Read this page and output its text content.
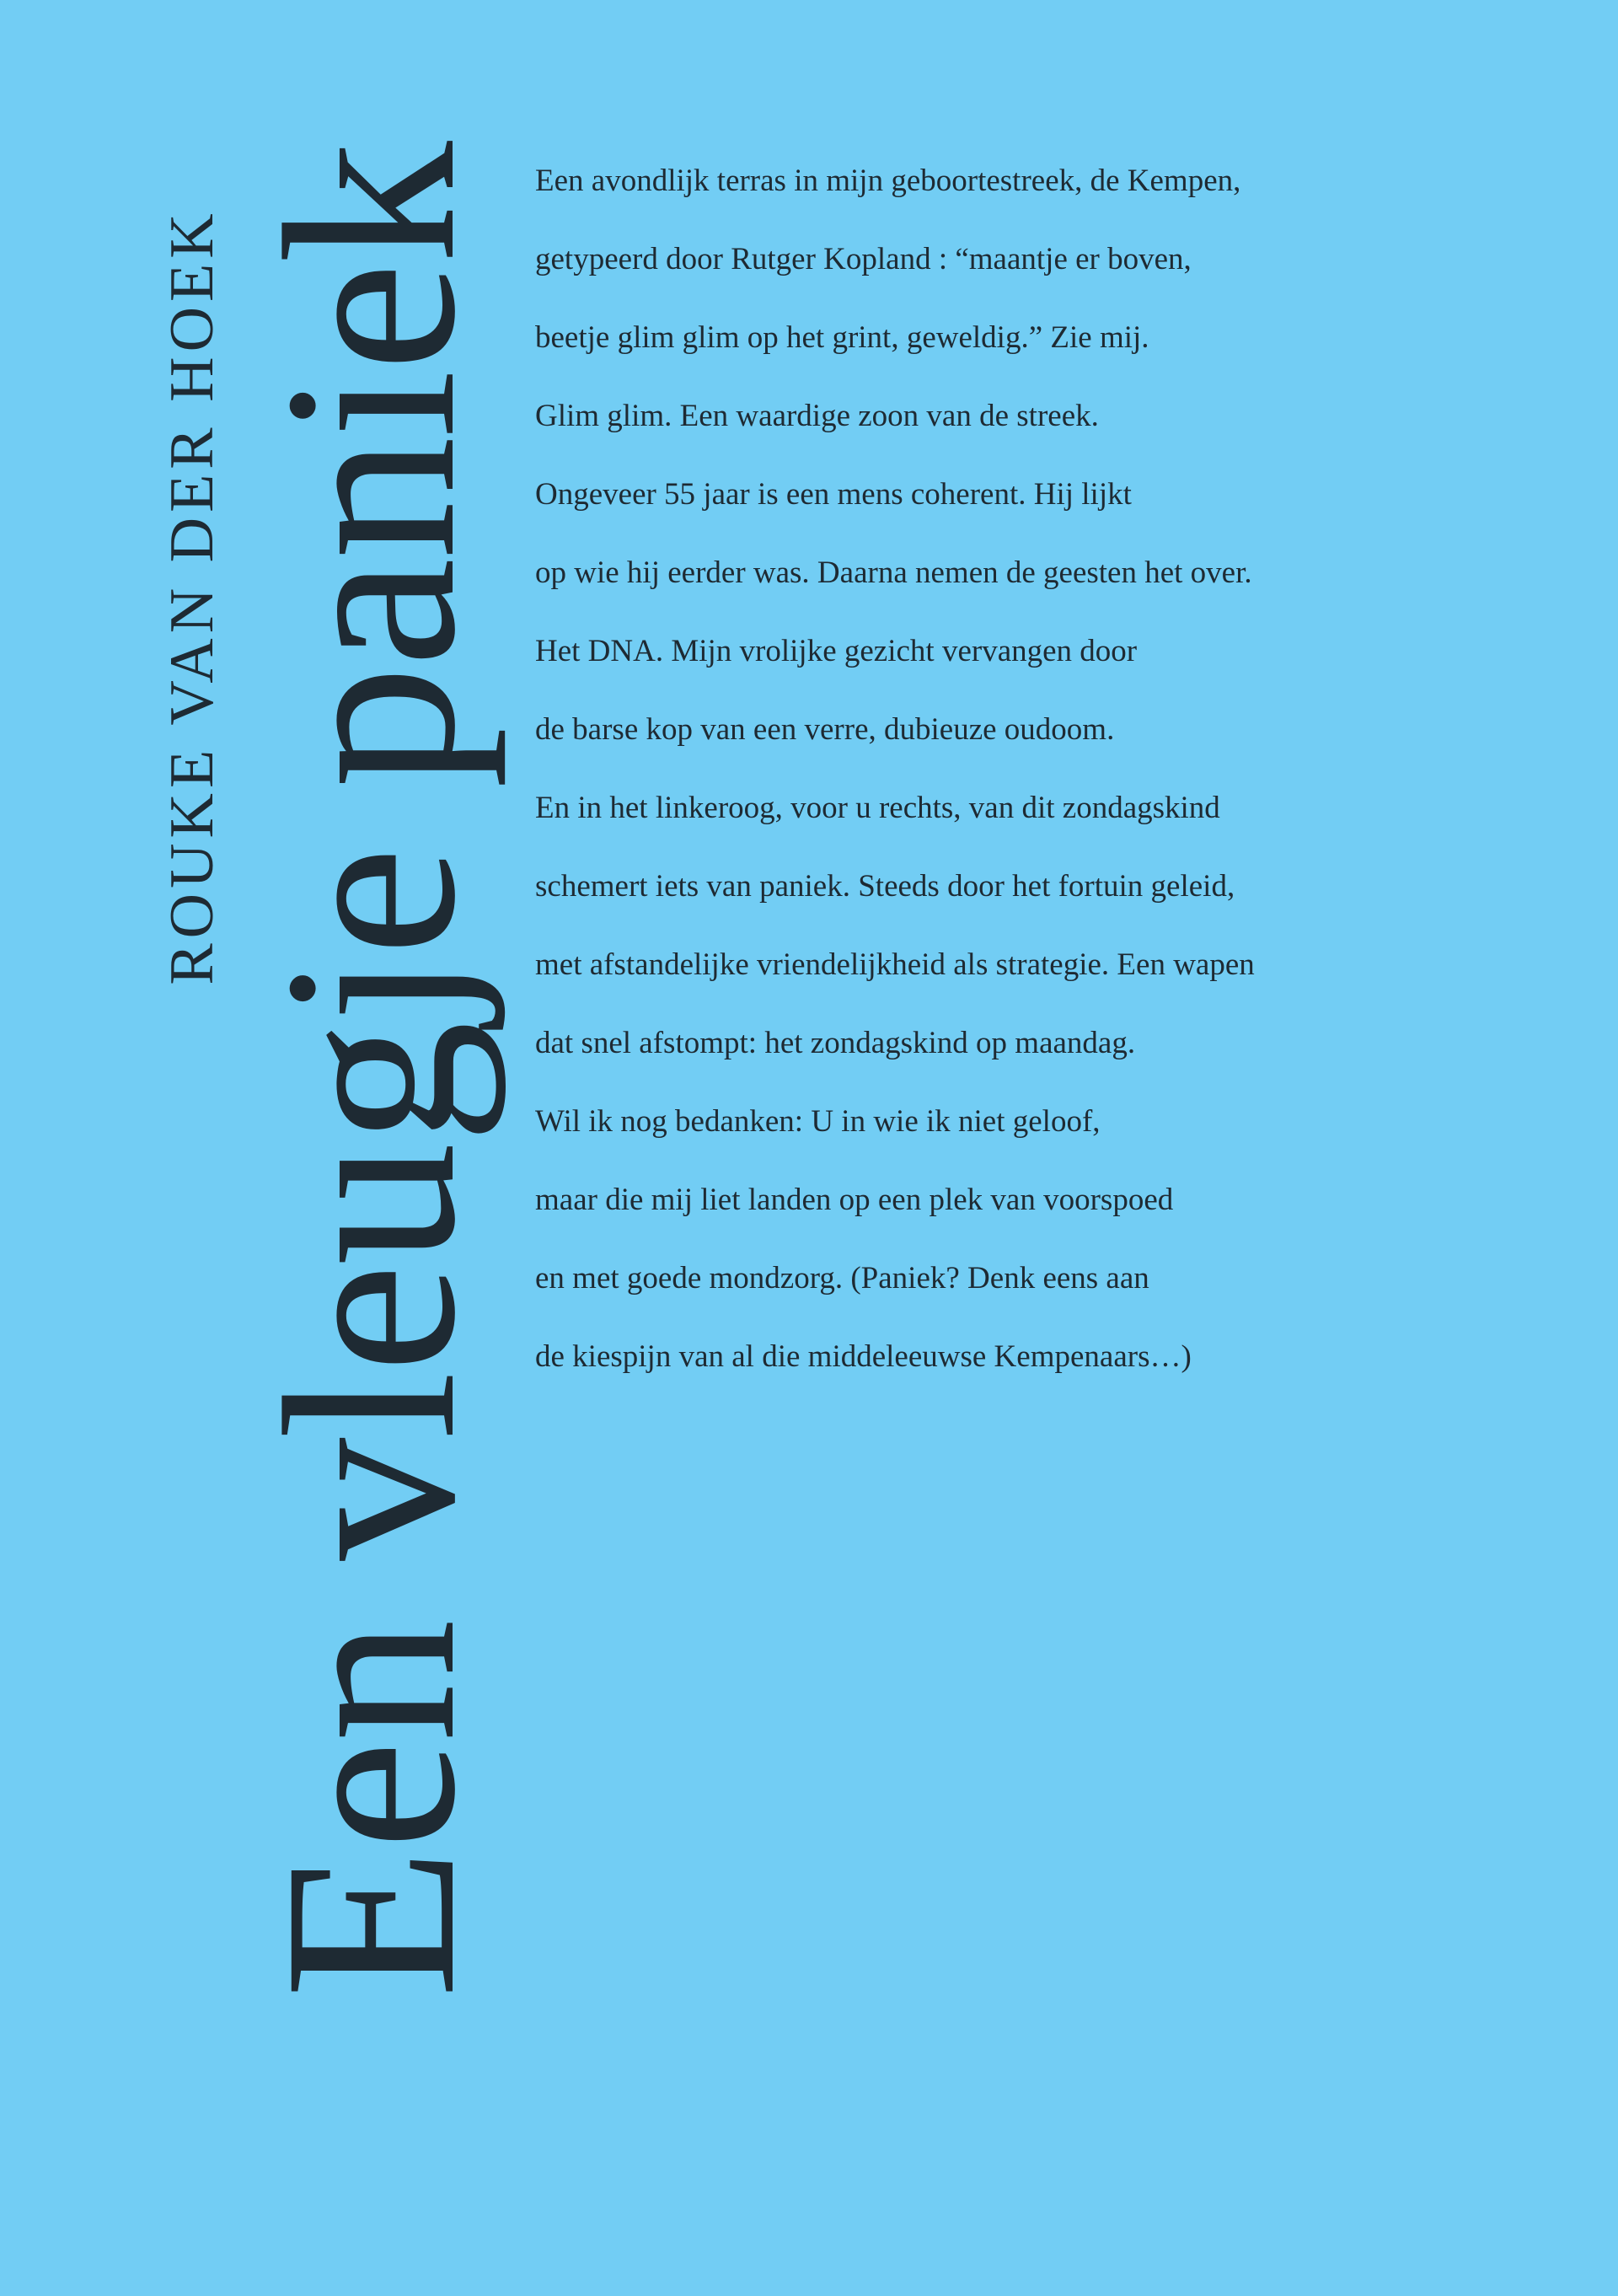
ROUKE VAN DER HOEK Een vleugje paniek Een avondlijk terras in mijn geboortestreek, de Kempen,
getypeerd door Rutger Kopland : “maantje er boven,
beetje glim glim op het grint, geweldig.” Zie mij.
Glim glim. Een waardige zoon van de streek.
Ongeveer 55 jaar is een mens coherent. Hij lijkt
op wie hij eerder was. Daarna nemen de geesten het over.
Het DNA. Mijn vrolijke gezicht vervangen door
de barse kop van een verre, dubieuze oudoom.
En in het linkeroog, voor u rechts, van dit zondagskind
schemert iets van paniek. Steeds door het fortuin geleid,
met afstandelijke vriendelijkheid als strategie. Een wapen
dat snel afstompt: het zondagskind op maandag.
Wil ik nog bedanken: U in wie ik niet geloof,
maar die mij liet landen op een plek van voorspoed
en met goede mondzorg. (Paniek? Denk eens aan
de kiespijn van al die middeleeuwse Kempenaars…)
